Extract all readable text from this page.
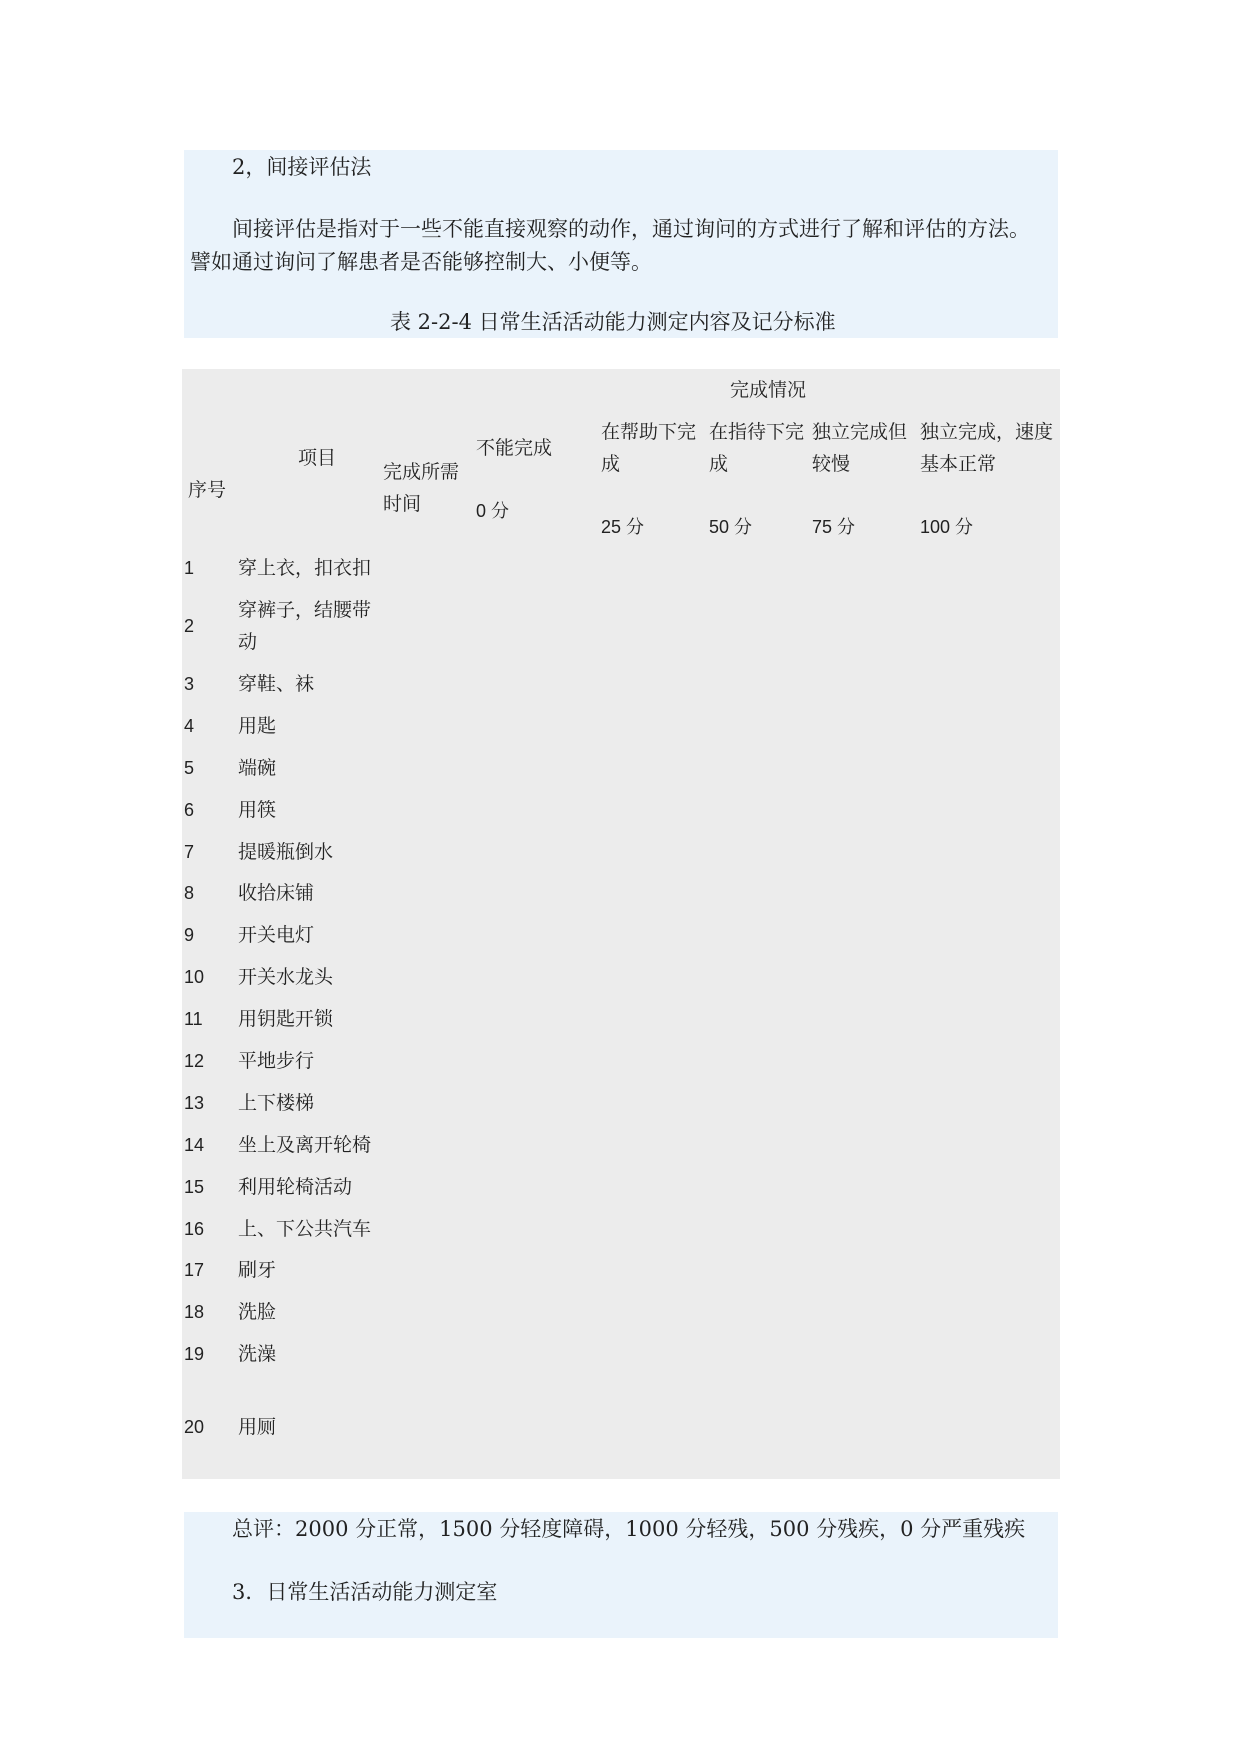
2，间接评估法
间接评估是指对于一些不能直接观察的动作，通过询问的方式进行了解和评估的方法。
譬如通过询问了解患者是否能够控制大、小便等。
表 2-2-4 日常生活活动能力测定内容及记分标准
完成情况
项目
序号
完成所需
时间
不能完成
0 分
在帮助下完
成
25 分
在指待下完
成
50 分
独立完成但
较慢
75 分
独立完成，速度
基本正常
100 分
1 穿上衣，扣衣扣
2
穿裤子，结腰带
动
3 穿鞋、袜
4 用匙
5 端碗
6 用筷
7 提暖瓶倒水
8 收拾床铺
9 开关电灯
10 开关水龙头
11 用钥匙开锁
12 平地步行
13 上下楼梯
14 坐上及离开轮椅
15 利用轮椅活动
16 上、下公共汽车
17 刷牙
18 洗脸
19 洗澡
20 用厕
总评：2000 分正常，1500 分轻度障碍，1000 分轻残，500 分残疾，0 分严重残疾
3．日常生活活动能力测定室
